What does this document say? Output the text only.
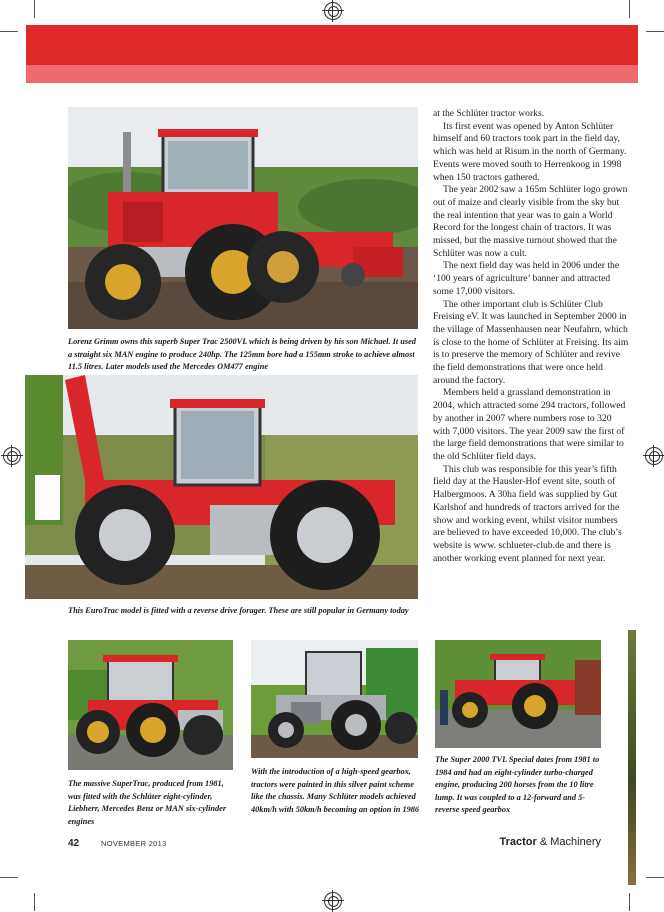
Lorenz Grimm owns this superb Super Trac 2500VL which is being driven by his son Michael. It used a straight six MAN engine to produce 240hp. The 125mm bore had a 155mm stroke to achieve almost 11.5 litres. Later models used the Mercedes OM477 engine
This EuroTrac model is fitted with a reverse drive forager. These are still popular in Germany today
The massive SuperTrac, produced from 1981, was fitted with the Schlüter eight-cylinder, Liebherr, Mercedes Benz or MAN six-cylinder engines
With the introduction of a high-speed gearbox, tractors were painted in this silver paint scheme like the chassis. Many Schlüter models achieved 40km/h with 50km/h becoming an option in 1986
The Super 2000 TVL Special dates from 1981 to 1984 and had an eight-cylinder turbo-charged engine, producing 200 horses from the 10 litre lump. It was coupled to a 12-forward and 5-reverse speed gearbox

at the Schlüter tractor works.

Its first event was opened by Anton Schlüter himself and 60 tractors took part in the field day, which was held at Risum in the north of Germany. Events were moved south to Herrenkoog in 1998 when 150 tractors gathered.

The year 2002 saw a 165m Schlüter logo grown out of maize and clearly visible from the sky but the real intention that year was to gain a World Record for the longest chain of tractors. It was missed, but the massive turnout showed that the Schlüter was now a cult.

The next field day was held in 2006 under the ‘100 years of agriculture’ banner and attracted some 17,000 visitors.

The other important club is Schlüter Club Freising eV. It was launched in September 2000 in the village of Massenhausen near Neufahrn, which is close to the home of Schlüter at Freising. Its aim is to preserve the memory of Schlüter and revive the field demonstrations that were once held around the factory.

Members held a grassland demonstration in 2004, which attracted some 294 tractors, followed by another in 2007 where numbers rose to 320 with 7,000 visitors. The year 2009 saw the first of the large field demonstrations that were similar to the old Schlüter field days.

This club was responsible for this year’s fifth field day at the Hausler-Hof event site, south of Halbergmoos. A 30ha field was supplied by Gut Karlshof and hundreds of tractors arrived for the show and working event, whilst visitor numbers are believed to have exceeded 10,000. The club’s website is www. schlueter-club.de and there is another working event planned for next year.

42	NOVEMBER 2013	Tractor & Machinery
